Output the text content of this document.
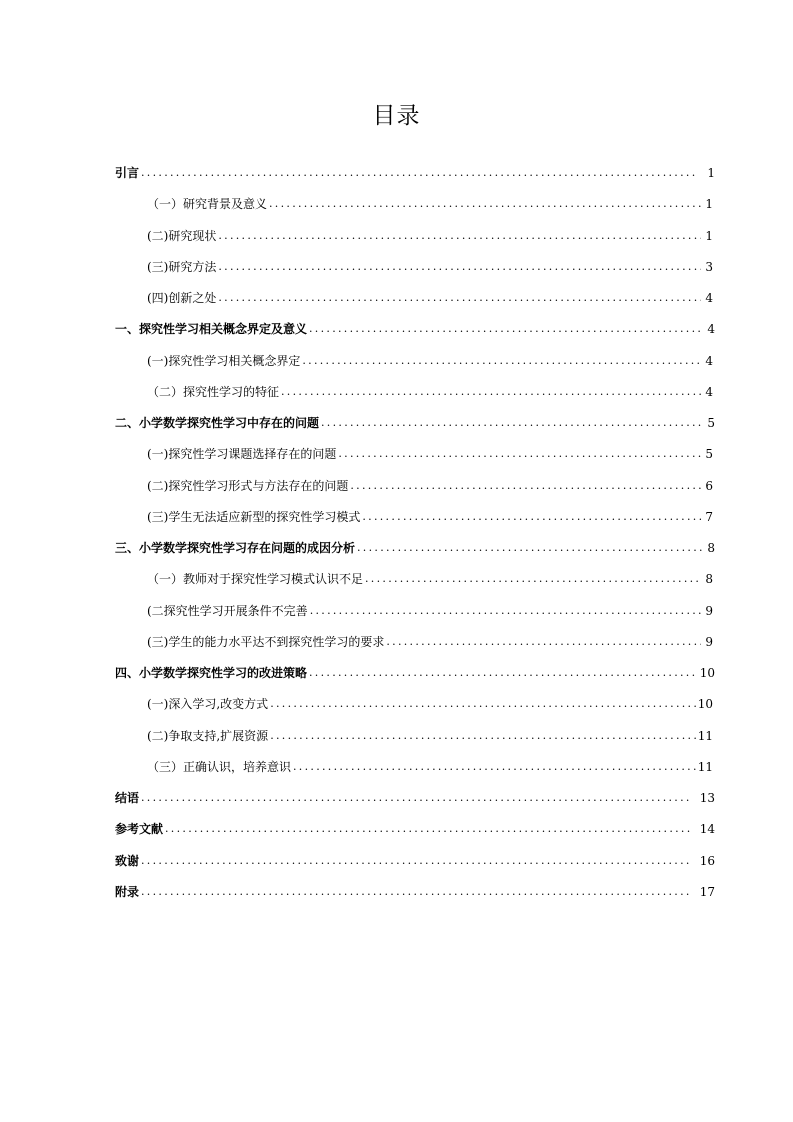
目录
引言 .....	1
（一）研究背景及意义 .....	1
(二)研究现状 .....	1
(三)研究方法 .....	3
(四)创新之处 .....	4
一、探究性学习相关概念界定及意义 .....	4
(一)探究性学习相关概念界定 .....	4
（二）探究性学习的特征 .....	4
二、小学数学探究性学习中存在的问题 .....	5
(一)探究性学习课题选择存在的问题 .....	5
(二)探究性学习形式与方法存在的问题 .....	6
(三)学生无法适应新型的探究性学习模式 .....	7
三、小学数学探究性学习存在问题的成因分析 .....	8
（一）教师对于探究性学习模式认识不足 .....	8
(二探究性学习开展条件不完善 .....	9
(三)学生的能力水平达不到探究性学习的要求 .....	9
四、小学数学探究性学习的改进策略 .....	10
(一)深入学习,改变方式 .....	10
(二)争取支持,扩展资源 .....	11
（三）正确认识，培养意识 .....	11
结语 .....	13
参考文献 .....	14
致谢 .....	16
附录 .....	17
